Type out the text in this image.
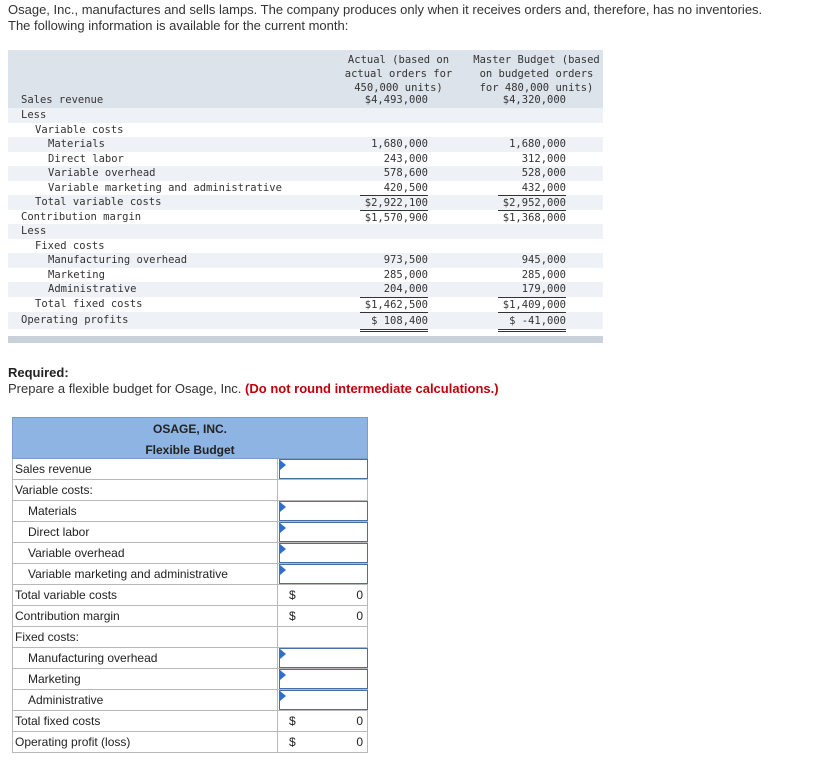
Osage, Inc., manufactures and sells lamps. The company produces only when it receives orders and, therefore, has no inventories.
The following information is available for the current month:
Actual (based on
actual orders for
450,000 units)
Master Budget (based
on budgeted orders
for 480,000 units)
Sales revenue	$4,493,000	$4,320,000
Less
Variable costs
Materials	1,680,000	1,680,000
Direct labor	243,000	312,000
Variable overhead	578,600	528,000
Variable marketing and administrative	420,500	432,000
Total variable costs	$2,922,100	$2,952,000
Contribution margin	$1,570,900	$1,368,000
Less
Fixed costs
Manufacturing overhead	973,500	945,000
Marketing	285,000	285,000
Administrative	204,000	179,000
Total fixed costs	$1,462,500	$1,409,000
Operating profits	$ 108,400	$ -41,000
Required:
Prepare a flexible budget for Osage, Inc. (Do not round intermediate calculations.)
OSAGE, INC.
Flexible Budget
Sales revenue
Variable costs:
Materials
Direct labor
Variable overhead
Variable marketing and administrative
Total variable costs	$	0
Contribution margin	$	0
Fixed costs:
Manufacturing overhead
Marketing
Administrative
Total fixed costs	$	0
Operating profit (loss)	$	0
